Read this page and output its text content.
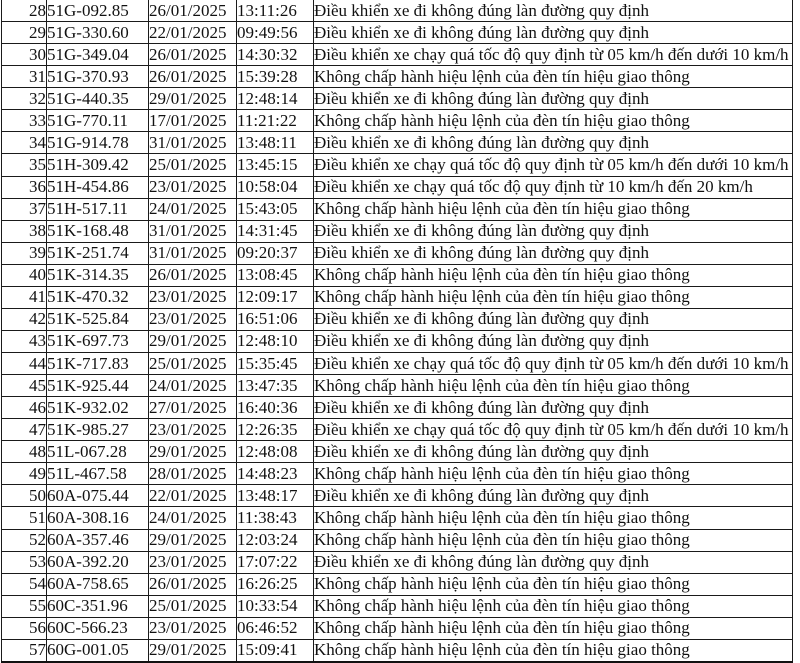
28	51G-092.85	26/01/2025	13:11:26	Điều khiển xe đi không đúng làn đường quy định
29	51G-330.60	22/01/2025	09:49:56	Điều khiển xe đi không đúng làn đường quy định
30	51G-349.04	26/01/2025	14:30:32	Điều khiển xe chạy quá tốc độ quy định từ 05 km/h đến dưới 10 km/h
31	51G-370.93	26/01/2025	15:39:28	Không chấp hành hiệu lệnh của đèn tín hiệu giao thông
32	51G-440.35	29/01/2025	12:48:14	Điều khiển xe đi không đúng làn đường quy định
33	51G-770.11	17/01/2025	11:21:22	Không chấp hành hiệu lệnh của đèn tín hiệu giao thông
34	51G-914.78	31/01/2025	13:48:11	Điều khiển xe đi không đúng làn đường quy định
35	51H-309.42	25/01/2025	13:45:15	Điều khiển xe chạy quá tốc độ quy định từ 05 km/h đến dưới 10 km/h
36	51H-454.86	23/01/2025	10:58:04	Điều khiển xe chạy quá tốc độ quy định từ 10 km/h đến 20 km/h
37	51H-517.11	24/01/2025	15:43:05	Không chấp hành hiệu lệnh của đèn tín hiệu giao thông
38	51K-168.48	31/01/2025	14:31:45	Điều khiển xe đi không đúng làn đường quy định
39	51K-251.74	31/01/2025	09:20:37	Điều khiển xe đi không đúng làn đường quy định
40	51K-314.35	26/01/2025	13:08:45	Không chấp hành hiệu lệnh của đèn tín hiệu giao thông
41	51K-470.32	23/01/2025	12:09:17	Không chấp hành hiệu lệnh của đèn tín hiệu giao thông
42	51K-525.84	23/01/2025	16:51:06	Điều khiển xe đi không đúng làn đường quy định
43	51K-697.73	29/01/2025	12:48:10	Điều khiển xe đi không đúng làn đường quy định
44	51K-717.83	25/01/2025	15:35:45	Điều khiển xe chạy quá tốc độ quy định từ 05 km/h đến dưới 10 km/h
45	51K-925.44	24/01/2025	13:47:35	Không chấp hành hiệu lệnh của đèn tín hiệu giao thông
46	51K-932.02	27/01/2025	16:40:36	Điều khiển xe đi không đúng làn đường quy định
47	51K-985.27	23/01/2025	12:26:35	Điều khiển xe chạy quá tốc độ quy định từ 05 km/h đến dưới 10 km/h
48	51L-067.28	29/01/2025	12:48:08	Điều khiển xe đi không đúng làn đường quy định
49	51L-467.58	28/01/2025	14:48:23	Không chấp hành hiệu lệnh của đèn tín hiệu giao thông
50	60A-075.44	22/01/2025	13:48:17	Điều khiển xe đi không đúng làn đường quy định
51	60A-308.16	24/01/2025	11:38:43	Không chấp hành hiệu lệnh của đèn tín hiệu giao thông
52	60A-357.46	29/01/2025	12:03:24	Không chấp hành hiệu lệnh của đèn tín hiệu giao thông
53	60A-392.20	23/01/2025	17:07:22	Điều khiển xe đi không đúng làn đường quy định
54	60A-758.65	26/01/2025	16:26:25	Không chấp hành hiệu lệnh của đèn tín hiệu giao thông
55	60C-351.96	25/01/2025	10:33:54	Không chấp hành hiệu lệnh của đèn tín hiệu giao thông
56	60C-566.23	23/01/2025	06:46:52	Không chấp hành hiệu lệnh của đèn tín hiệu giao thông
57	60G-001.05	29/01/2025	15:09:41	Không chấp hành hiệu lệnh của đèn tín hiệu giao thông
